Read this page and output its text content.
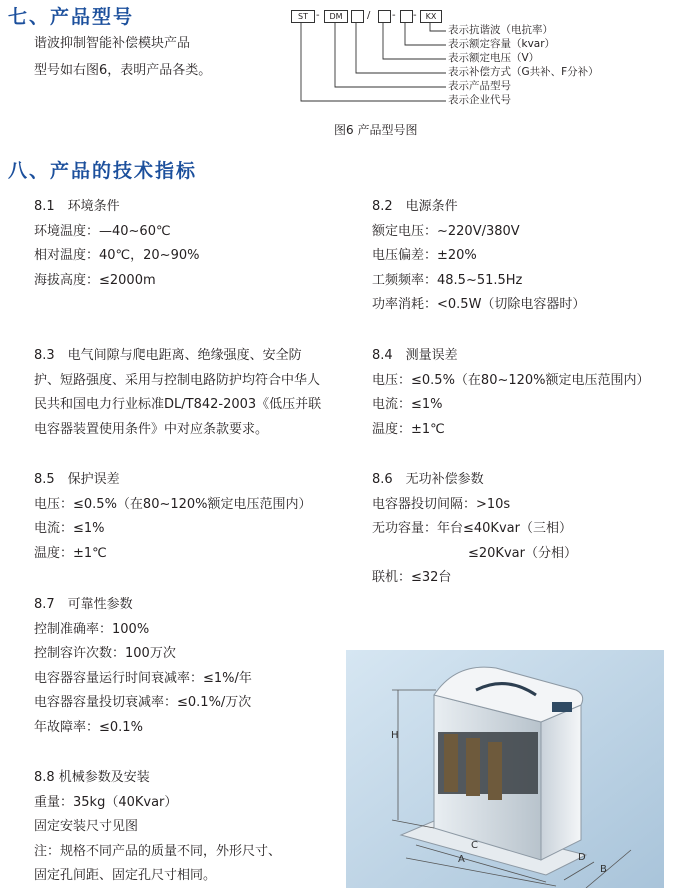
七、产品型号
谐波抑制智能补偿模块产品
型号如右图6，表明产品各类。
ST -	DM	/ - -	KX
表示抗谐波（电抗率）
表示额定容量（kvar）
表示额定电压（V）
表示补偿方式（G共补、F分补）
表示产品型号
表示企业代号
图6 产品型号图
八、产品的技术指标
8.1　环境条件
环境温度：—40~60℃
相对温度：40℃，20~90%
海拔高度：≤2000m
8.2　电源条件
额定电压：~220V/380V
电压偏差：±20%
工频频率：48.5~51.5Hz
功率消耗：<0.5W（切除电容器时）
8.3　电气间隙与爬电距离、绝缘强度、安全防
护、短路强度、采用与控制电路防护均符合中华人
民共和国电力行业标准DL/T842-2003《低压并联
电容器装置使用条件》中对应条款要求。
8.4　测量误差
电压：≤0.5%（在80~120%额定电压范围内）
电流：≤1%
温度：±1℃
8.5　保护误差
电压：≤0.5%（在80~120%额定电压范围内）
电流：≤1%
温度：±1℃
8.6　无功补偿参数
电容器投切间隔：>10s
无功容量：年台≤40Kvar（三相）
≤20Kvar（分相）
联机：≤32台
8.7　可靠性参数
控制准确率：100%
控制容许次数：100万次
电容器容量运行时间衰减率：≤1%/年
电容器容量投切衰减率：≤0.1%/万次
年故障率：≤0.1%
8.8 机械参数及安装
重量：35kg（40Kvar）
固定安装尺寸见图
注：规格不同产品的质量不同，外形尺寸、
固定孔间距、固定孔尺寸相同。
H
C
A	D
B
